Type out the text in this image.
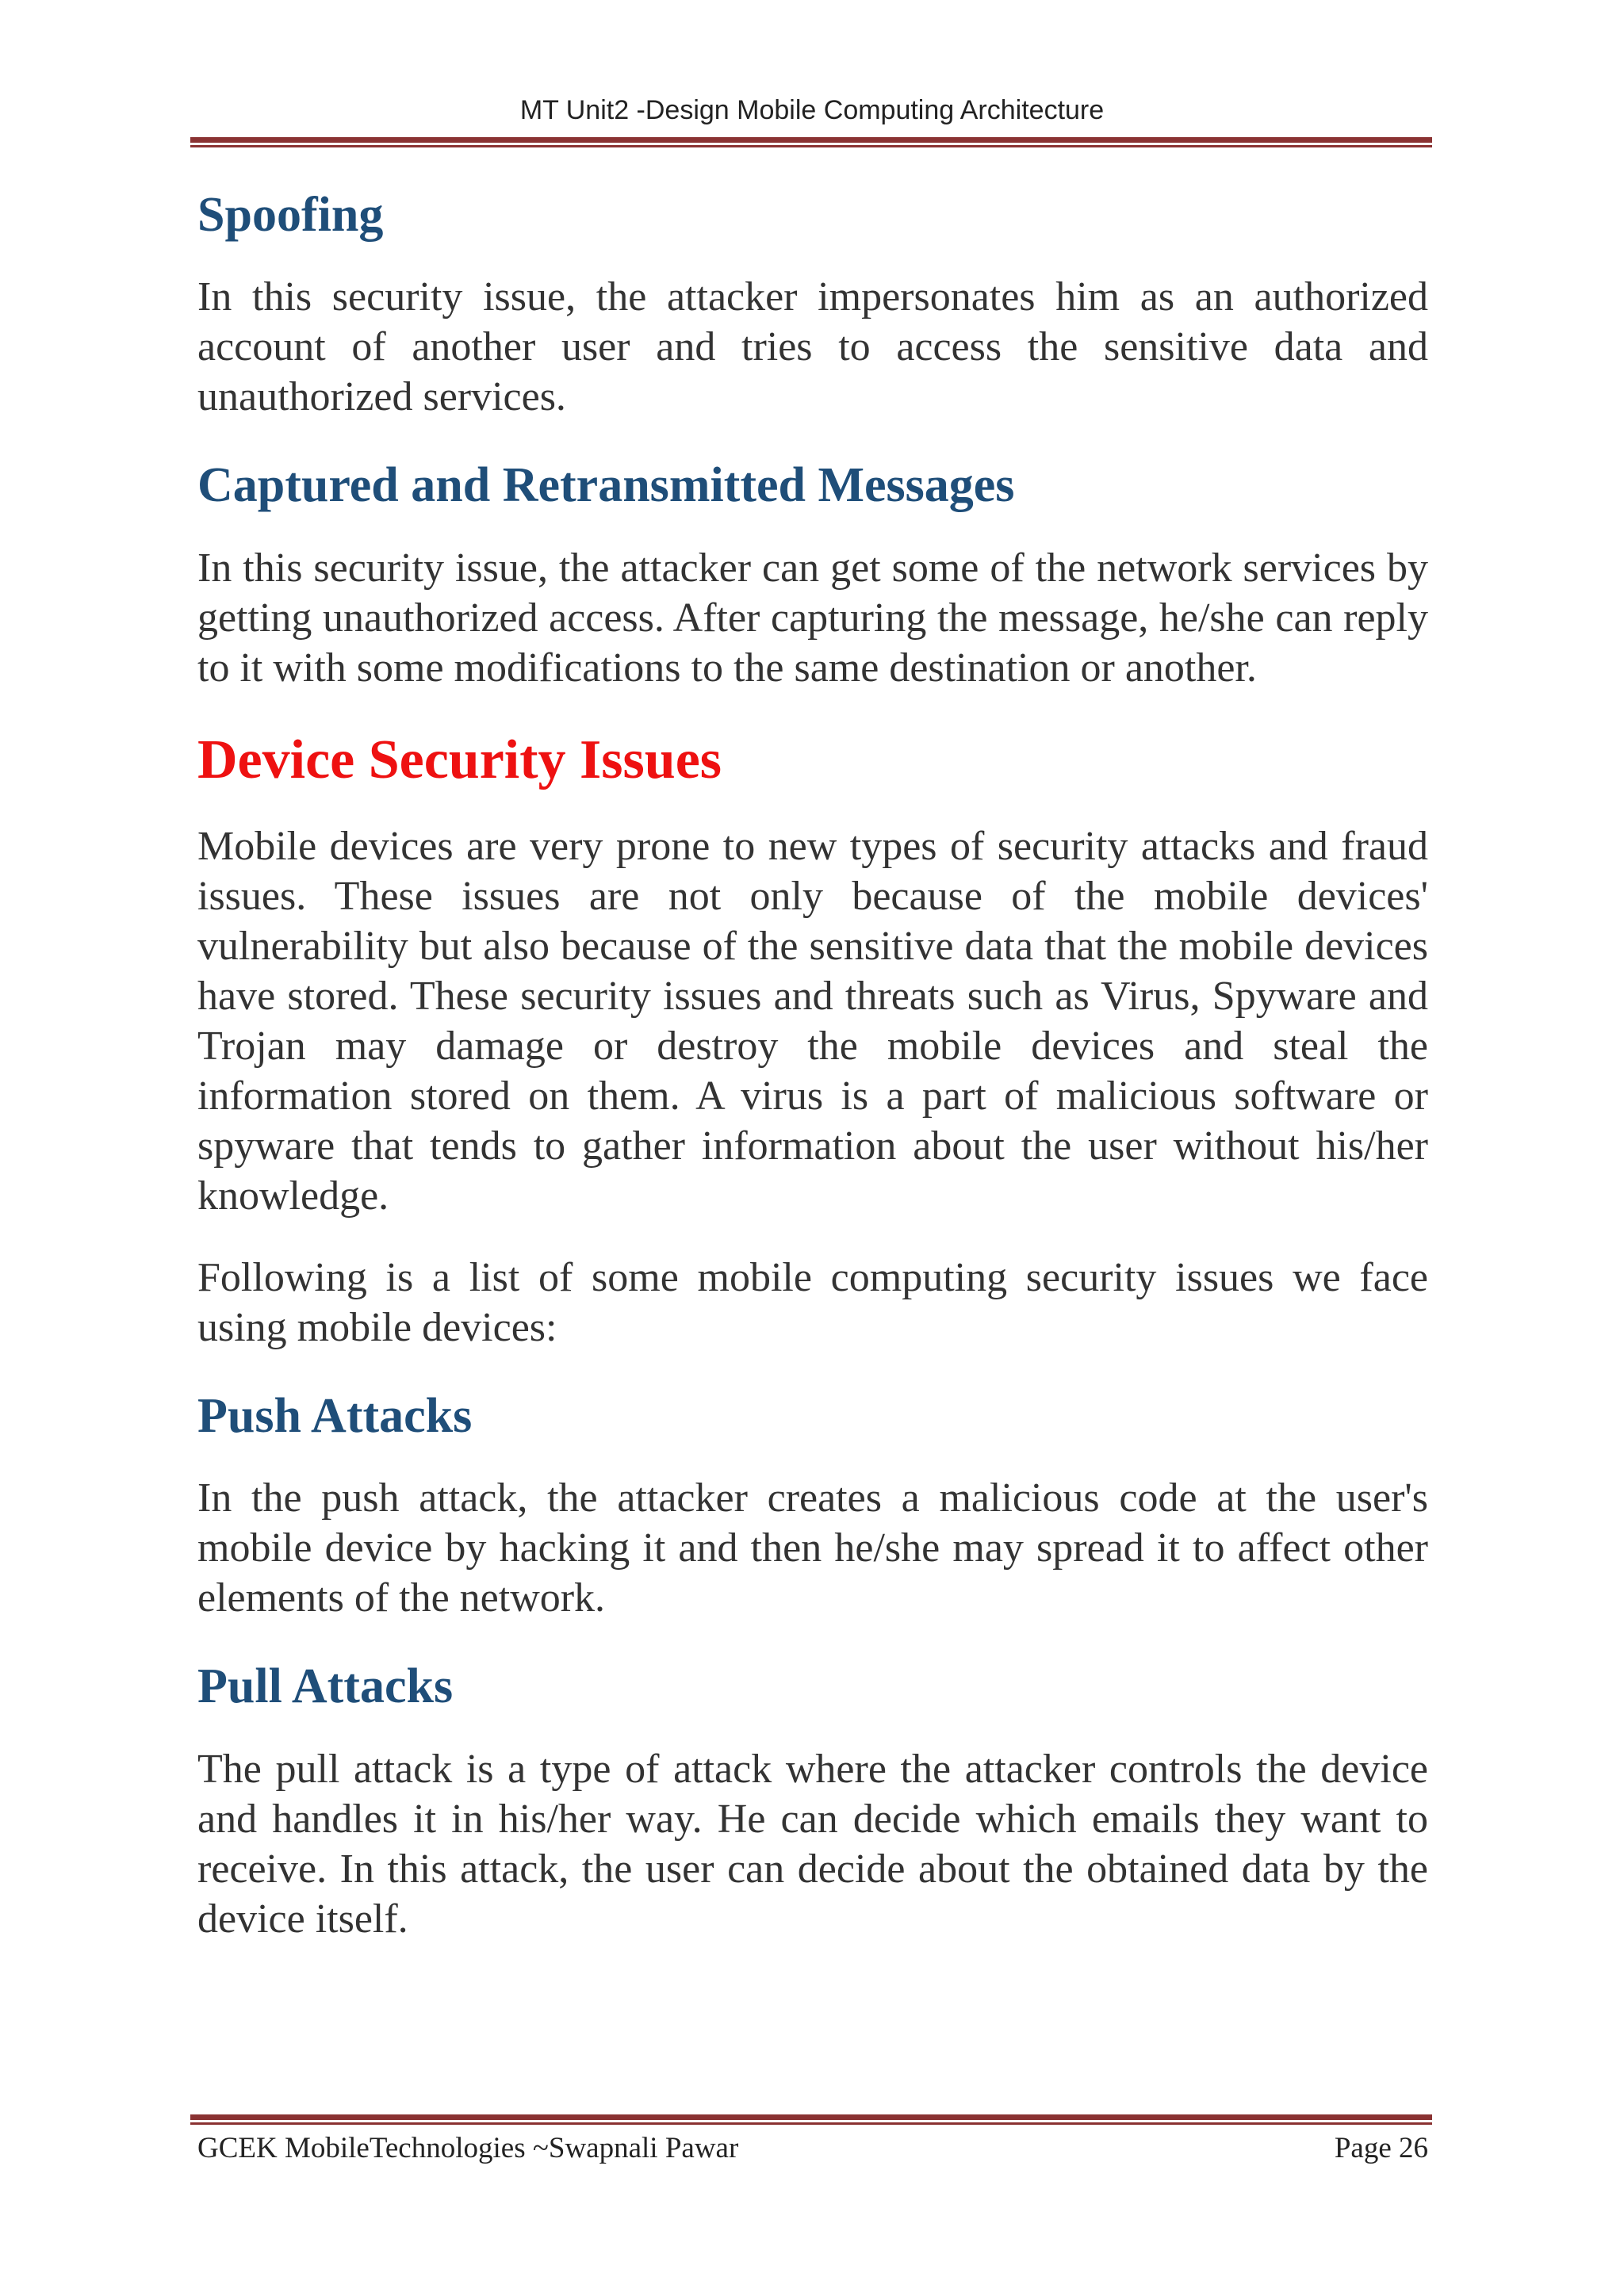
MT Unit2 -Design Mobile Computing Architecture
Spoofing

In this security issue, the attacker impersonates him as an authorized account of another user and tries to access the sensitive data and unauthorized services.

Captured and Retransmitted Messages

In this security issue, the attacker can get some of the network services by getting unauthorized access. After capturing the message, he/she can reply to it with some modifications to the same destination or another.

Device Security Issues

Mobile devices are very prone to new types of security attacks and fraud issues. These issues are not only because of the mobile devices' vulnerability but also because of the sensitive data that the mobile devices have stored. These security issues and threats such as Virus, Spyware and Trojan may damage or destroy the mobile devices and steal the information stored on them. A virus is a part of malicious software or spyware that tends to gather information about the user without his/her knowledge.

Following is a list of some mobile computing security issues we face using mobile devices:

Push Attacks

In the push attack, the attacker creates a malicious code at the user's mobile device by hacking it and then he/she may spread it to affect other elements of the network.

Pull Attacks

The pull attack is a type of attack where the attacker controls the device and handles it in his/her way. He can decide which emails they want to receive. In this attack, the user can decide about the obtained data by the device itself.

GCEK MobileTechnologies ~Swapnali Pawar	Page 26
